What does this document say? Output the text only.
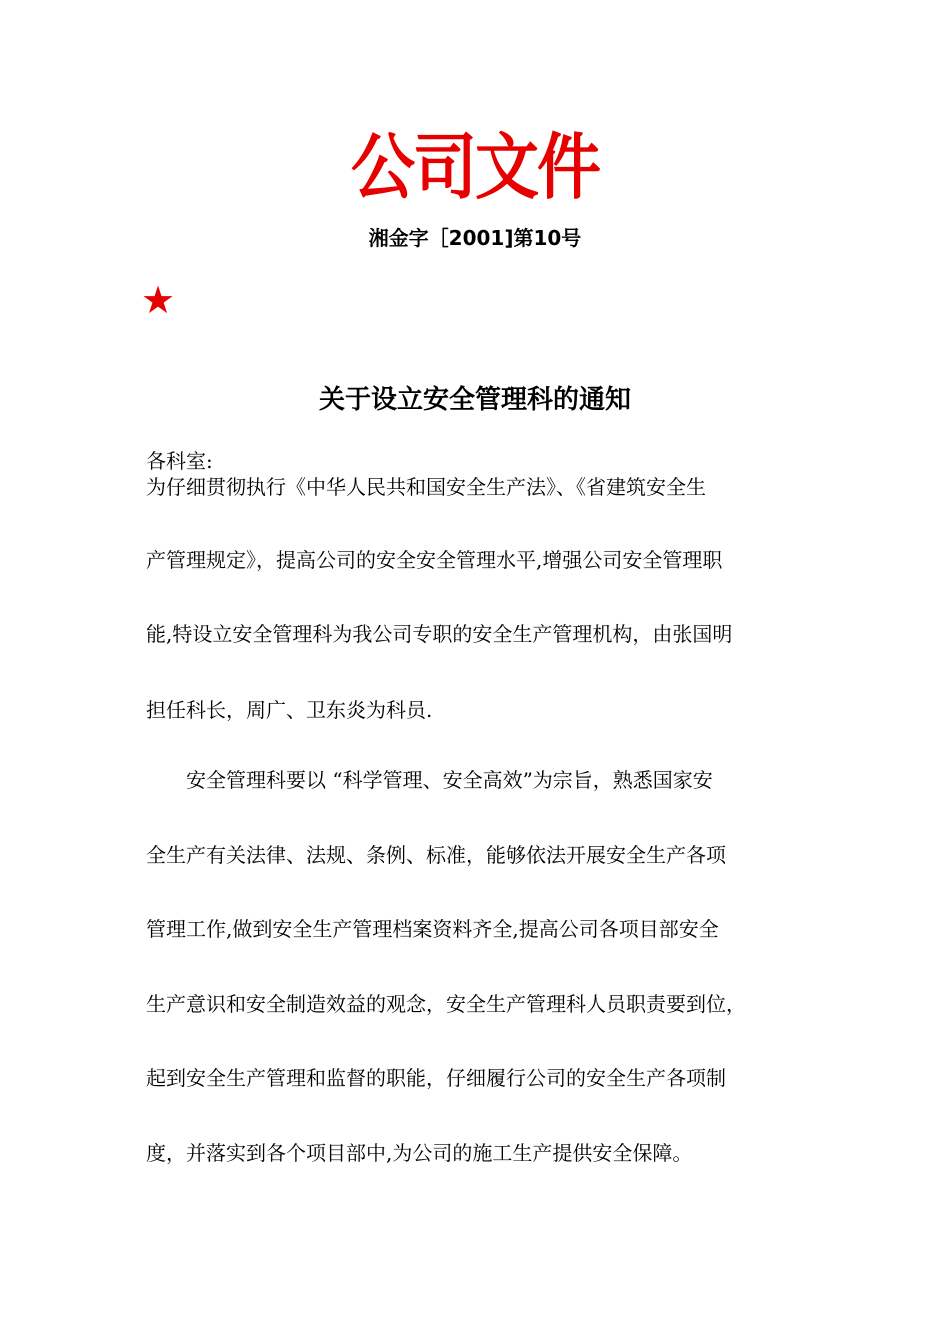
公司文件
湘金字［2001]第10号
★
关于设立安全管理科的通知
各科室:
为仔细贯彻执行《中华人民共和国安全生产法》、《省建筑安全生
产管理规定》，提高公司的安全安全管理水平,增强公司安全管理职
能,特设立安全管理科为我公司专职的安全生产管理机构，由张国明
担任科长，周广、卫东炎为科员.
　　安全管理科要以 “科学管理、安全高效”为宗旨，熟悉国家安
全生产有关法律、法规、条例、标准，能够依法开展安全生产各项
管理工作,做到安全生产管理档案资料齐全,提高公司各项目部安全
生产意识和安全制造效益的观念，安全生产管理科人员职责要到位，
起到安全生产管理和监督的职能，仔细履行公司的安全生产各项制
度，并落实到各个项目部中,为公司的施工生产提供安全保障。
